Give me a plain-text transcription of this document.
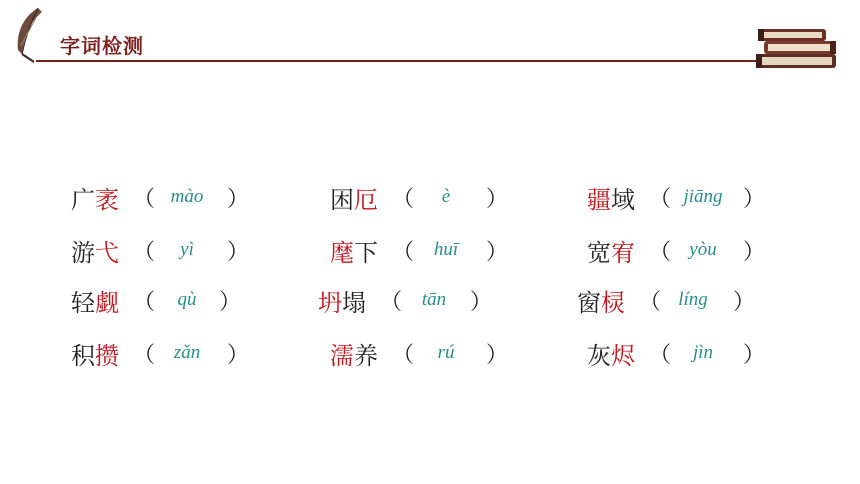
字词检测
广袤 （ mào	）	困厄 （	è	）	疆域 （ jiāng ）
游弋 （	yì	）	麾下 （	huī	）	宽宥 （ yòu	）
轻觑 （	qù	）	坍塌 （	tān	）	窗棂 （ líng	）
积攒 （ zǎn	）	濡养 （	rú	）	灰烬 （	jìn	）
